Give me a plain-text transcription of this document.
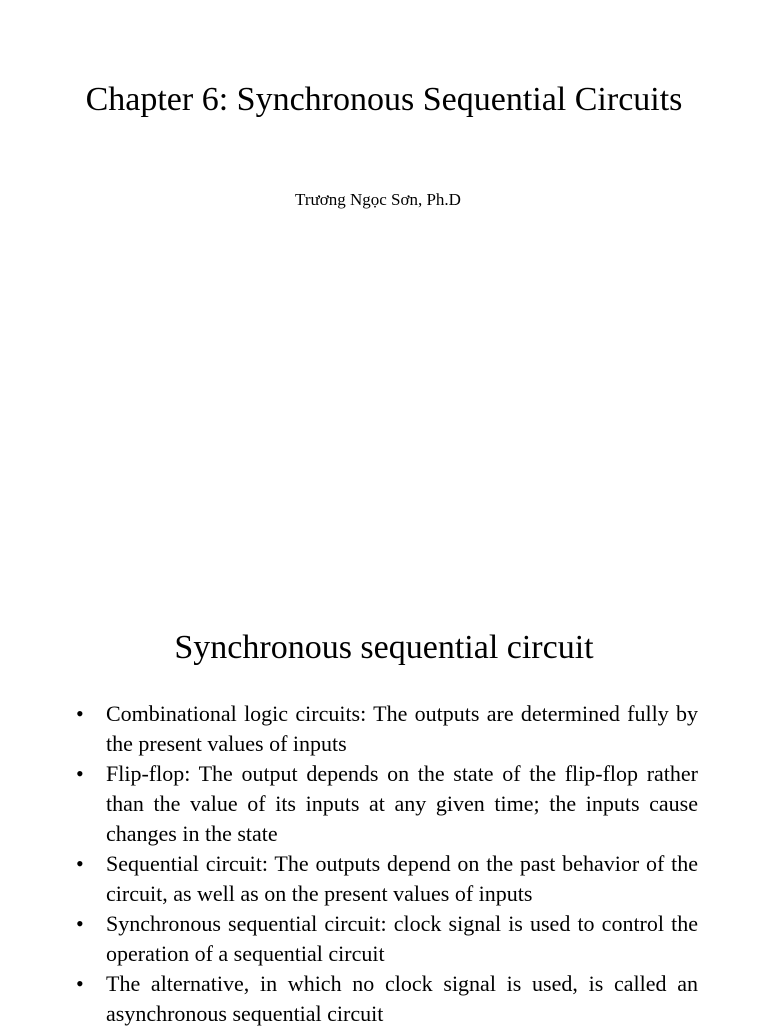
Chapter 6: Synchronous Sequential Circuits

Trương Ngọc Sơn, Ph.D

Synchronous sequential circuit
•	Combinational logic circuits: The outputs are determined fully by the present values of inputs
•	Flip-flop: The output depends on the state of the flip-flop rather than the value of its inputs at any given time; the inputs cause changes in the state
•	Sequential circuit: The outputs depend on the past behavior of the circuit, as well as on the present values of inputs
•	Synchronous sequential circuit: clock signal is used to control the operation of a sequential circuit
•	The alternative, in which no clock signal is used, is called an asynchronous sequential circuit
